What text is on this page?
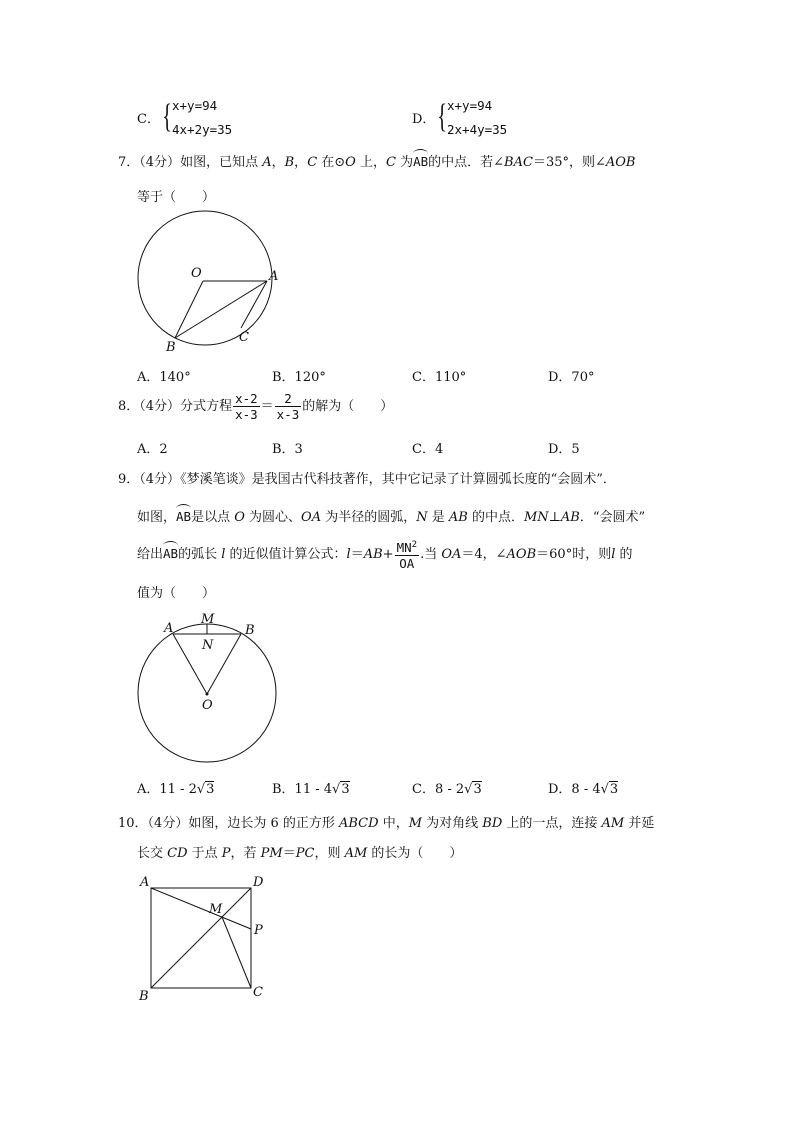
C． { x+y=94
4x+2y=35
D． { x+y=94
2x+4y=35
7．（4分）如图，已知点 A，B，C 在⊙O 上，C 为AB的中点．若∠BAC＝35°，则∠AOB
等于（　　）
O	A
B
C
A．140°	B．120°	C．110°	D．70°
8．（4分）分式方程 $\frac{x-2}{x-3} = \frac{2}{x-3}$ 的解为（　　）
A．2	B．3	C．4	D．5
9．（4分）《梦溪笔谈》是我国古代科技著作，其中它记录了计算圆弧长度的“会圆术”．
如图，AB是以点 O 为圆心、OA 为半径的圆弧，N 是 AB 的中点．MN⊥AB．“会圆术”
给出AB的弧长 l 的近似值计算公式：$l=AB+ \frac{MN^2}{OA}$ .当 OA＝4，∠AOB＝60°时，则l 的
值为（　　）
A
M
B
N
O
A．11 - 2√3	B．11 - 4√3	C．8 - 2√3	D．8 - 4√3
10．（4分）如图，边长为 6 的正方形 ABCD 中，M 为对角线 BD 上的一点，连接 AM 并延
长交 CD 于点 P，若 PM＝PC，则 AM 的长为（　　）
A	D
M
P
B	C
